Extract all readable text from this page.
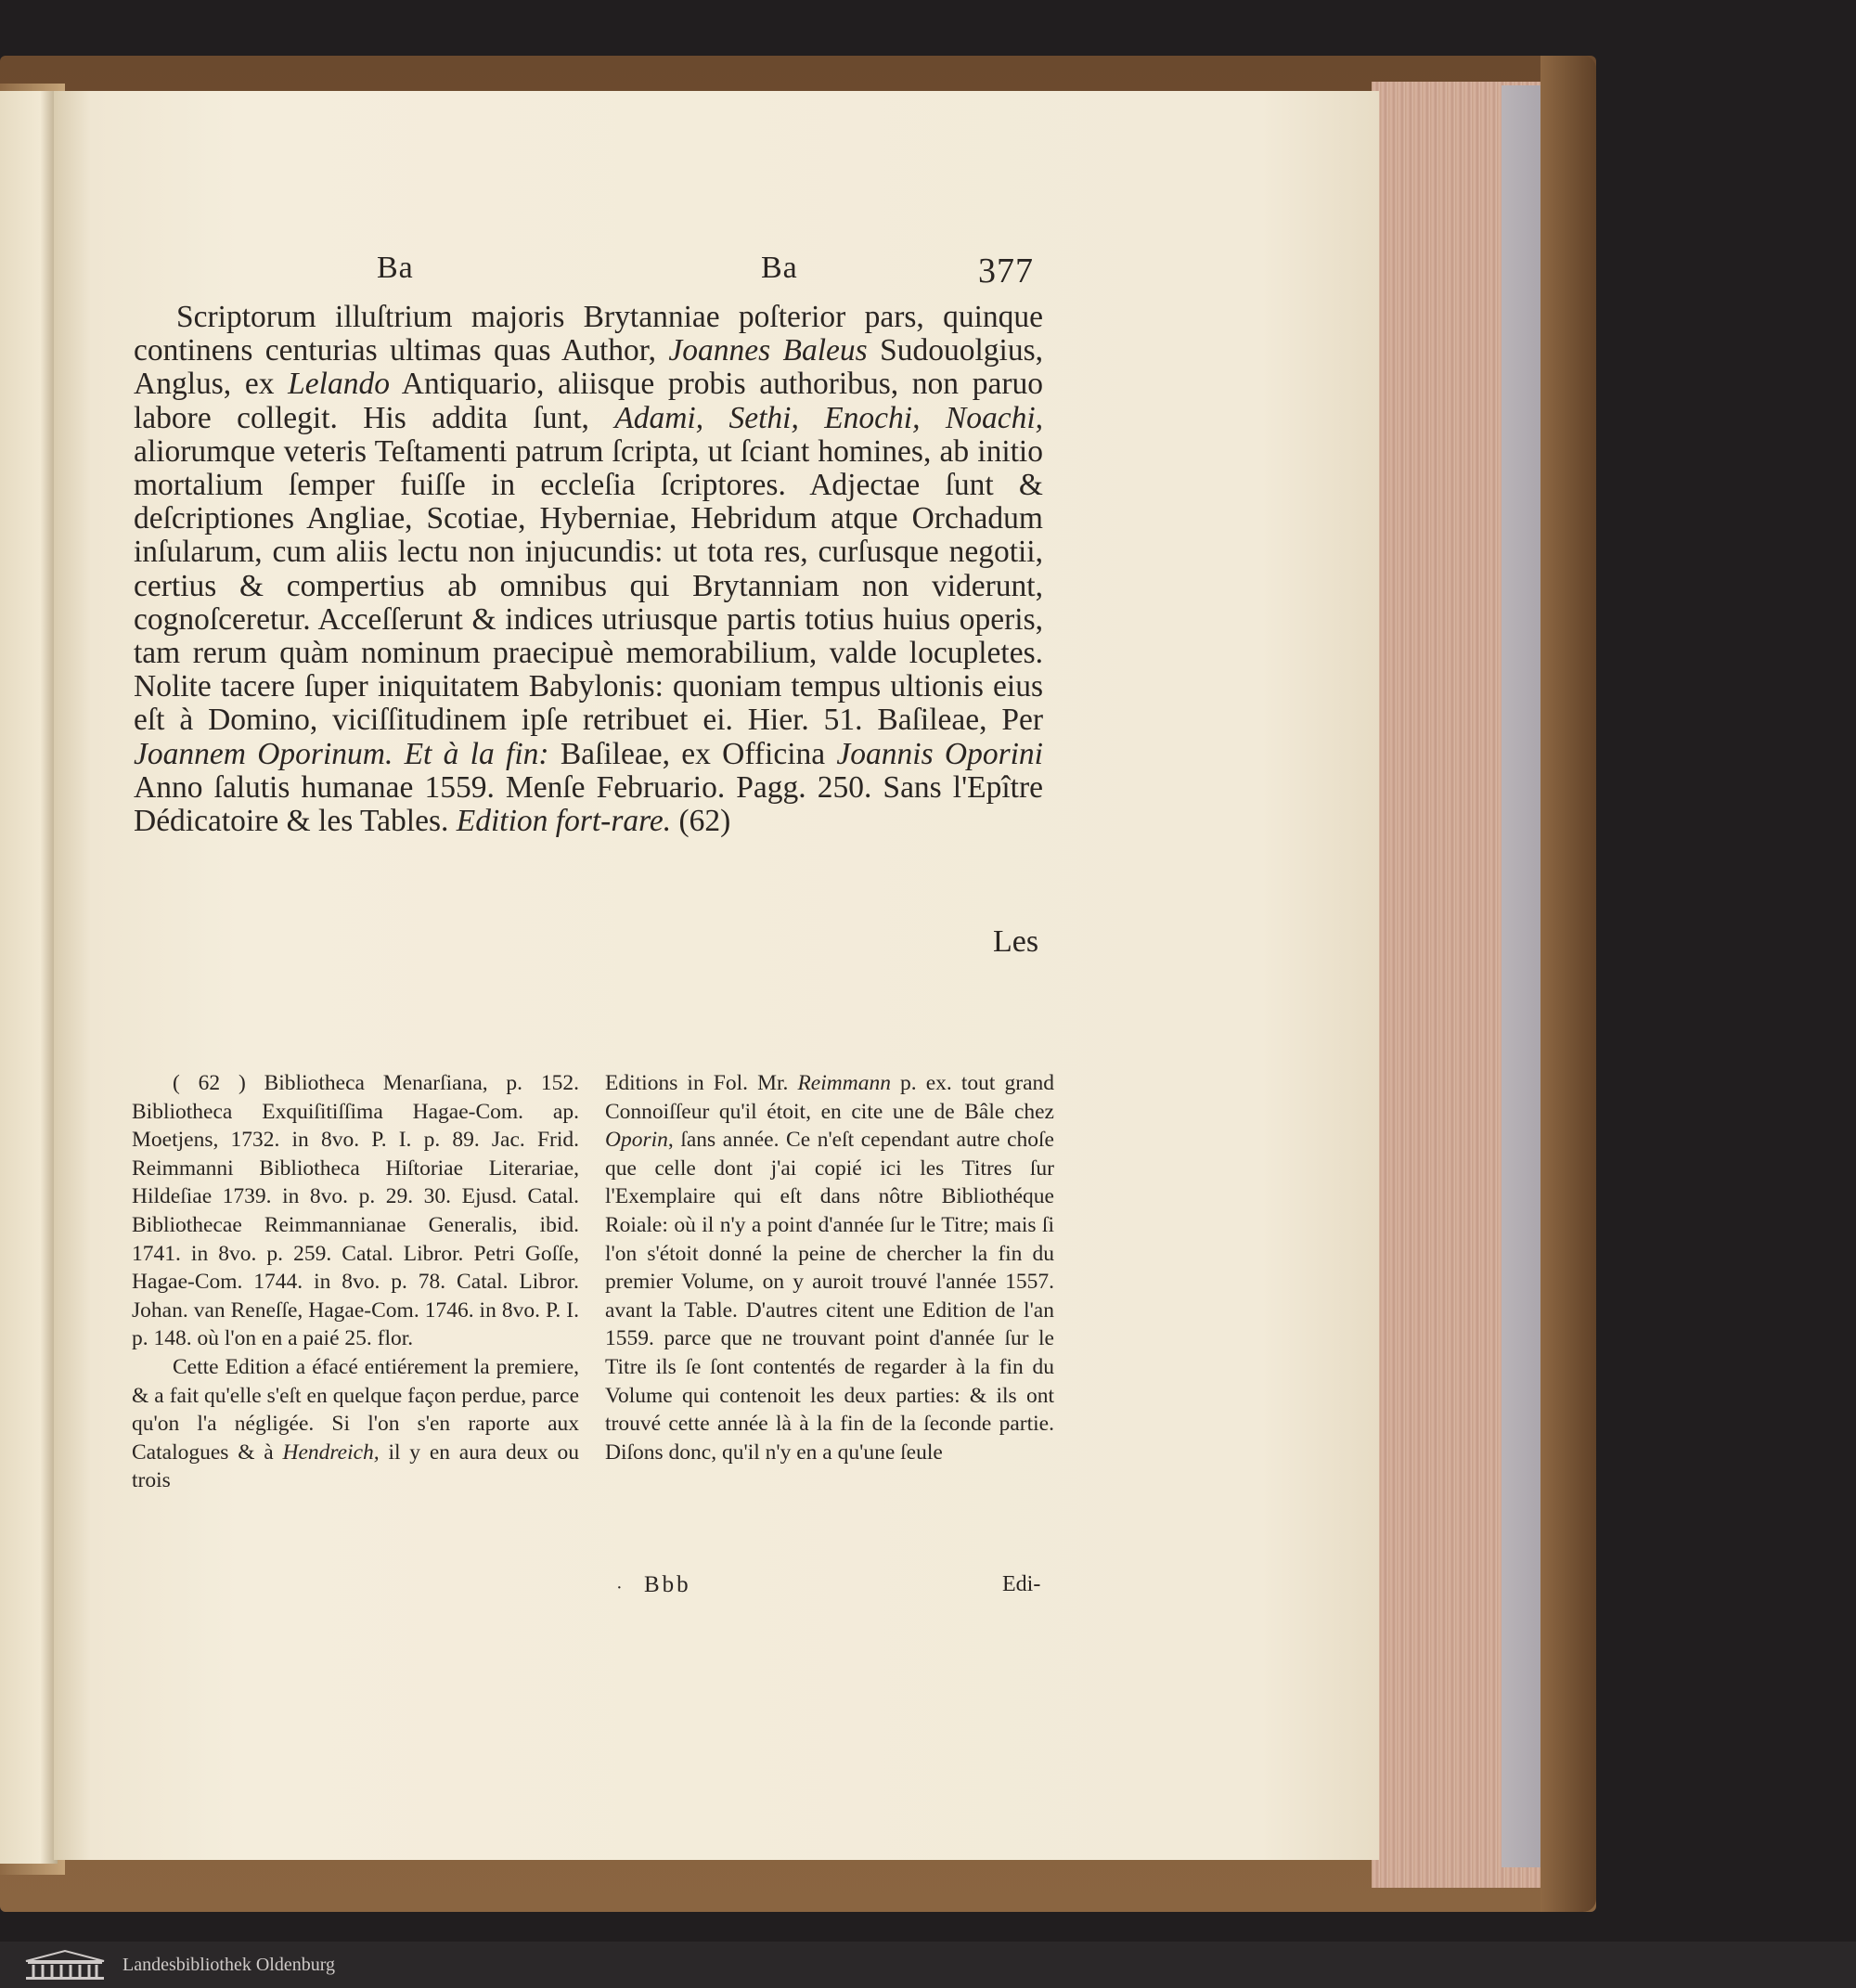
Ba	Ba	377

Scriptorum illuſtrium majoris Brytanniae poſterior pars, quinque continens centurias ultimas quas Author, Joannes Baleus Sudouolgius, Anglus, ex Lelando Antiquario, aliisque probis authoribus, non paruo labore collegit. His addita ſunt, Adami, Sethi, Enochi, Noachi, aliorumque veteris Teſtamenti patrum ſcripta, ut ſciant homines, ab initio mortalium ſemper fuiſſe in eccleſia ſcriptores. Adjectae ſunt & deſcriptiones Angliae, Scotiae, Hyberniae, Hebridum atque Orchadum inſularum, cum aliis lectu non injucundis: ut tota res, curſusque negotii, certius & compertius ab omnibus qui Brytanniam non viderunt, cognoſceretur. Acceſſerunt & indices utriusque partis totius huius operis, tam rerum quàm nominum praecipuè memorabilium, valde locupletes. Nolite tacere ſuper iniquitatem Babylonis: quoniam tempus ultionis eius eſt à Domino, viciſſitudinem ipſe retribuet ei. Hier. 51. Baſileae, Per Joannem Oporinum. Et à la fin: Baſileae, ex Officina Joannis Oporini Anno ſalutis humanae 1559. Menſe Februario. Pagg. 250. Sans l'Epître Dédicatoire & les Tables. Edition fort-rare. (62)

Les

( 62 ) Bibliotheca Menarſiana, p. 152. Bibliotheca Exquiſitiſſima Hagae-Com. ap. Moetjens, 1732. in 8vo. P. I. p. 89. Jac. Frid. Reimmanni Bibliotheca Hiſtoriae Literariae, Hildeſiae 1739. in 8vo. p. 29. 30. Ejusd. Catal. Bibliothecae Reimmannianae Generalis, ibid. 1741. in 8vo. p. 259. Catal. Libror. Petri Goſſe, Hagae-Com. 1744. in 8vo. p. 78. Catal. Libror. Johan. van Reneſſe, Hagae-Com. 1746. in 8vo. P. I. p. 148. où l'on en a paié 25. flor.

Cette Edition a éfacé entiérement la premiere, & a fait qu'elle s'eſt en quelque façon perdue, parce qu'on l'a négligée. Si l'on s'en raporte aux Catalogues & à Hendreich, il y en aura deux ou trois

Editions in Fol. Mr. Reimmann p. ex. tout grand Connoiſſeur qu'il étoit, en cite une de Bâle chez Oporin, ſans année. Ce n'eſt cependant autre choſe que celle dont j'ai copié ici les Titres ſur l'Exemplaire qui eſt dans nôtre Bibliothéque Roiale: où il n'y a point d'année ſur le Titre; mais ſi l'on s'étoit donné la peine de chercher la fin du premier Volume, on y auroit trouvé l'année 1557. avant la Table. D'autres citent une Edition de l'an 1559. parce que ne trouvant point d'année ſur le Titre ils ſe ſont contentés de regarder à la fin du Volume qui contenoit les deux parties: & ils ont trouvé cette année là à la fin de la ſeconde partie. Diſons donc, qu'il n'y en a qu'une ſeule

· Bbb	Edi-
Landesbibliothek Oldenburg
